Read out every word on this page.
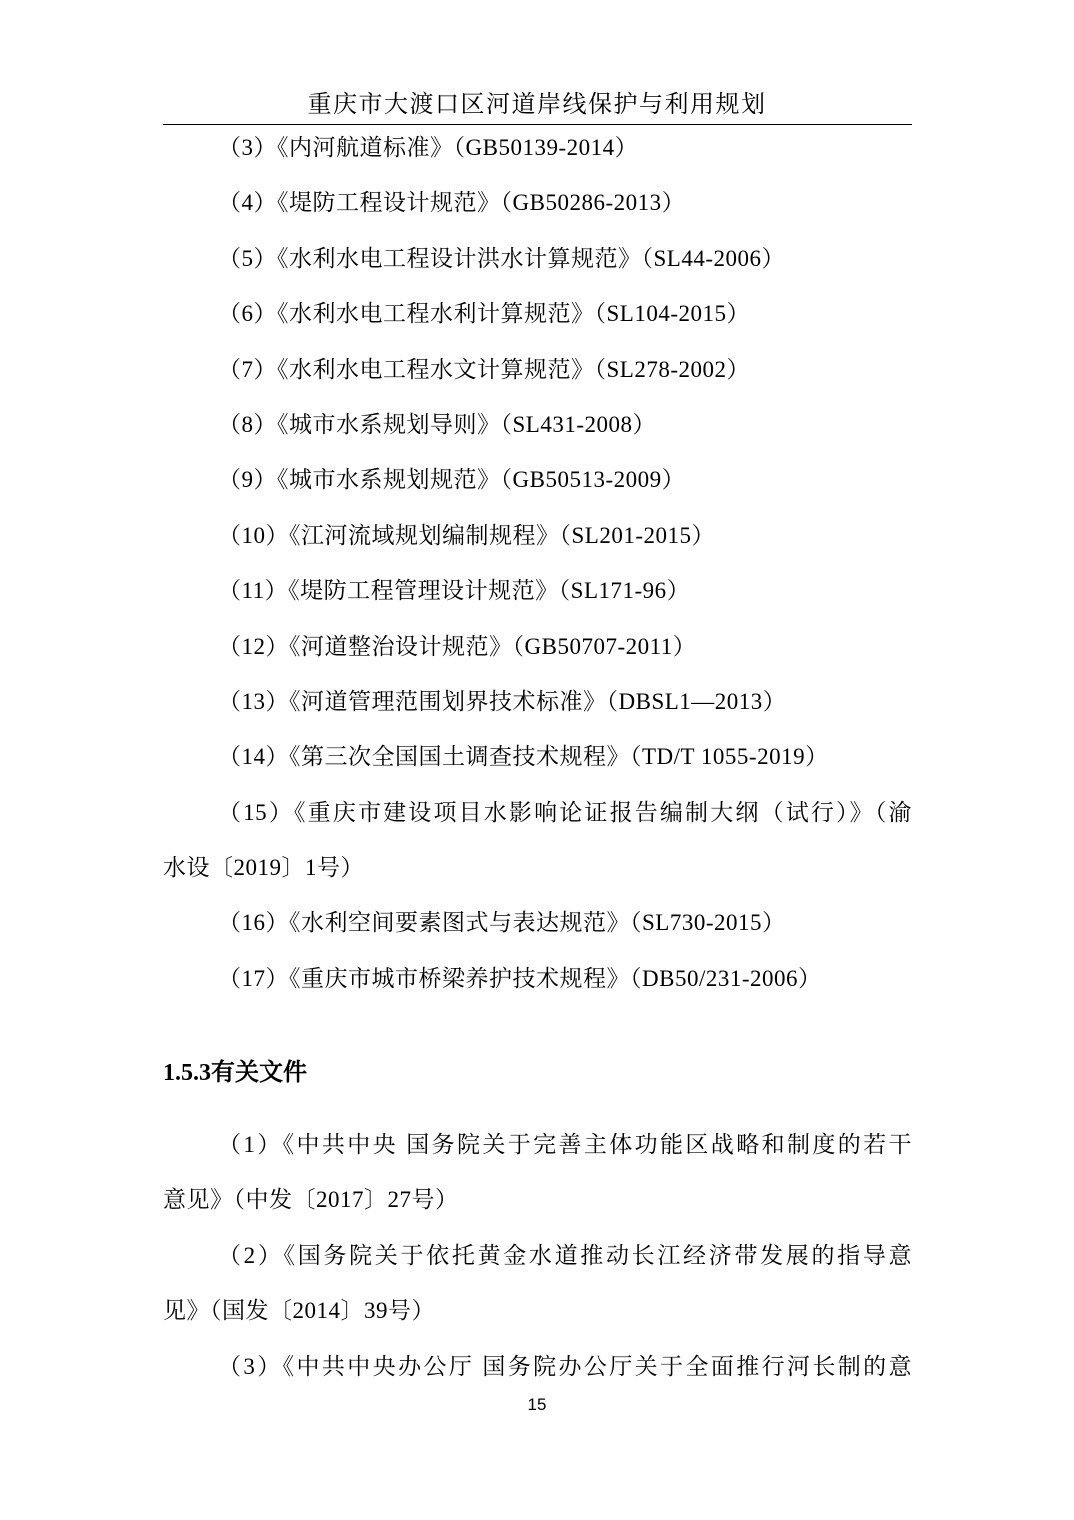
重庆市大渡口区河道岸线保护与利用规划
（3）《内河航道标准》（GB50139-2014）
（4）《堤防工程设计规范》（GB50286-2013）
（5）《水利水电工程设计洪水计算规范》（SL44-2006）
（6）《水利水电工程水利计算规范》（SL104-2015）
（7）《水利水电工程水文计算规范》（SL278-2002）
（8）《城市水系规划导则》（SL431-2008）
（9）《城市水系规划规范》（GB50513-2009）
（10）《江河流域规划编制规程》（SL201-2015）
（11）《堤防工程管理设计规范》（SL171-96）
（12）《河道整治设计规范》（GB50707-2011）
（13）《河道管理范围划界技术标准》（DBSL1—2013）
（14）《第三次全国国土调查技术规程》（TD/T 1055-2019）
（15）《重庆市建设项目水影响论证报告编制大纲（试行）》（渝
水设〔2019〕1号）
（16）《水利空间要素图式与表达规范》（SL730-2015）
（17）《重庆市城市桥梁养护技术规程》（DB50/231-2006）
1.5.3有关文件
（1）《中共中央 国务院关于完善主体功能区战略和制度的若干
意见》（中发〔2017〕27号）
（2）《国务院关于依托黄金水道推动长江经济带发展的指导意
见》（国发〔2014〕39号）
（3）《中共中央办公厅 国务院办公厅关于全面推行河长制的意
15
